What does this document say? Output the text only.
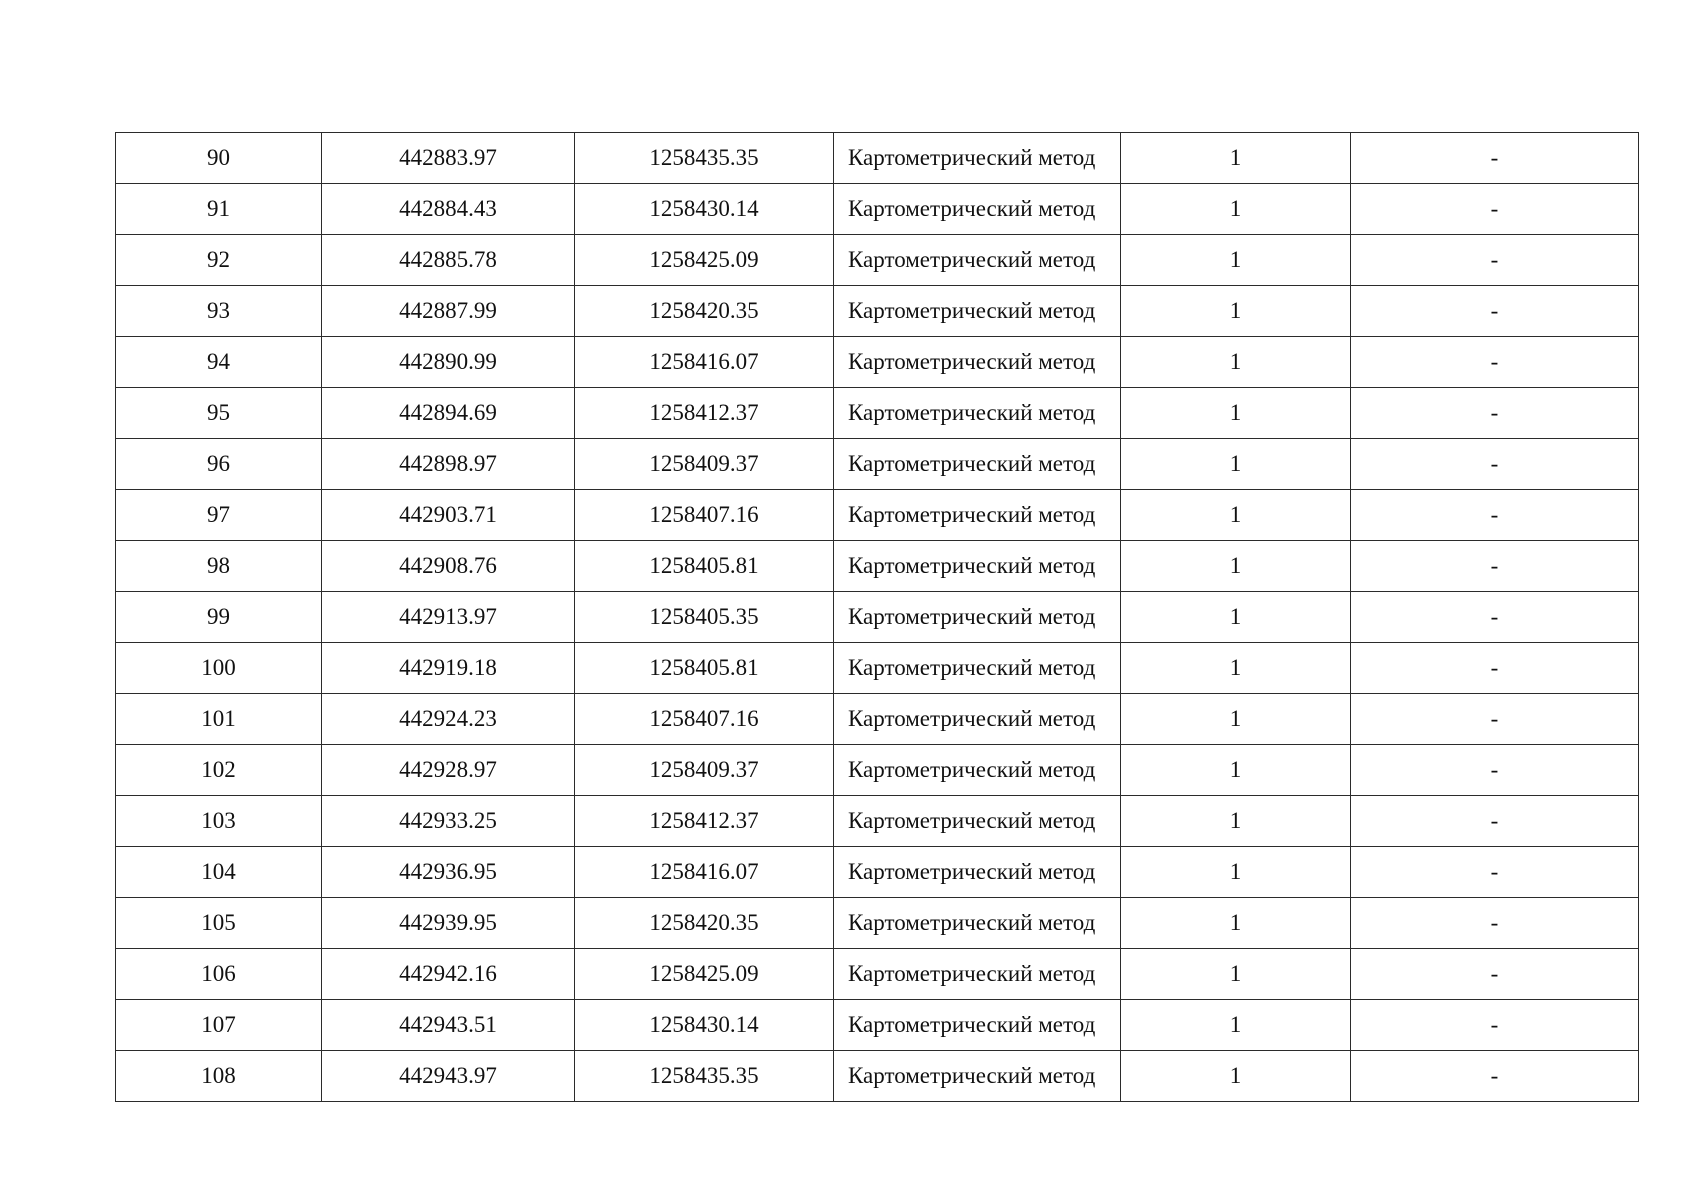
90	442883.97	1258435.35	Картометрический метод	1	-
91	442884.43	1258430.14	Картометрический метод	1	-
92	442885.78	1258425.09	Картометрический метод	1	-
93	442887.99	1258420.35	Картометрический метод	1	-
94	442890.99	1258416.07	Картометрический метод	1	-
95	442894.69	1258412.37	Картометрический метод	1	-
96	442898.97	1258409.37	Картометрический метод	1	-
97	442903.71	1258407.16	Картометрический метод	1	-
98	442908.76	1258405.81	Картометрический метод	1	-
99	442913.97	1258405.35	Картометрический метод	1	-
100	442919.18	1258405.81	Картометрический метод	1	-
101	442924.23	1258407.16	Картометрический метод	1	-
102	442928.97	1258409.37	Картометрический метод	1	-
103	442933.25	1258412.37	Картометрический метод	1	-
104	442936.95	1258416.07	Картометрический метод	1	-
105	442939.95	1258420.35	Картометрический метод	1	-
106	442942.16	1258425.09	Картометрический метод	1	-
107	442943.51	1258430.14	Картометрический метод	1	-
108	442943.97	1258435.35	Картометрический метод	1	-
